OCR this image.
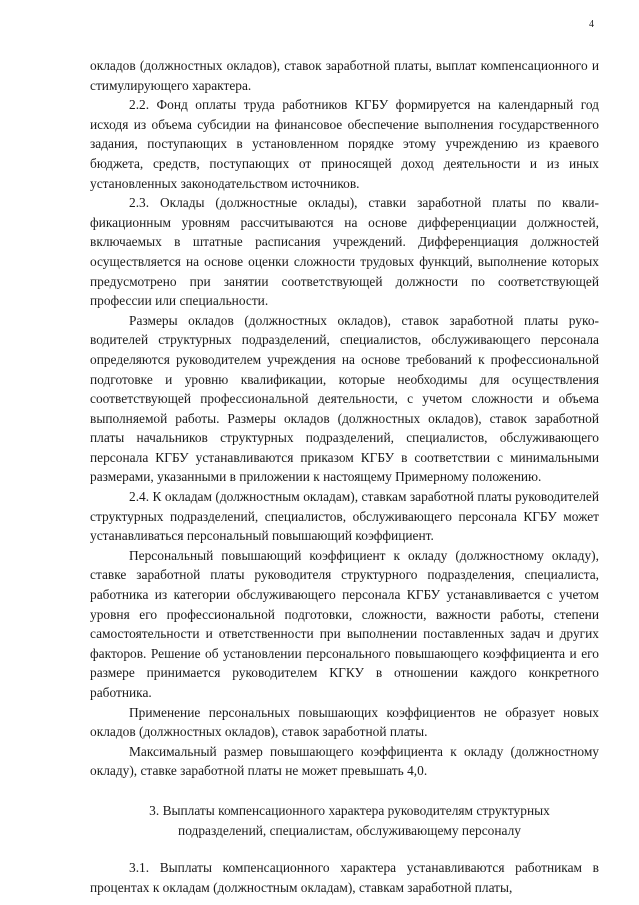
4

окладов (должностных окладов), ставок заработной платы, выплат компенсационного и стимулирующего характера.

2.2. Фонд оплаты труда работников КГБУ формируется на календарный год исходя из объема субсидии на финансовое обеспечение выполнения государственного задания, поступающих в установленном порядке этому учреждению из краевого бюджета, средств, поступающих от приносящей доход деятельности и из иных установленных законодательством источников.

2.3. Оклады (должностные оклады), ставки заработной платы по квалификационным уровням рассчитываются на основе дифференциации должностей, включаемых в штатные расписания учреждений. Дифференциация должностей осуществляется на основе оценки сложности трудовых функций, выполнение которых предусмотрено при занятии соответствующей должности по соответствующей профессии или специальности.

Размеры окладов (должностных окладов), ставок заработной платы руководителей структурных подразделений, специалистов, обслуживающего персонала определяются руководителем учреждения на основе требований к профессиональной подготовке и уровню квалификации, которые необходимы для осуществления соответствующей профессиональной деятельности, с учетом сложности и объема выполняемой работы. Размеры окладов (должностных окладов), ставок заработной платы начальников структурных подразделений, специалистов, обслуживающего персонала КГБУ устанавливаются приказом КГБУ в соответствии с минимальными размерами, указанными в приложении к настоящему Примерному положению.

2.4. К окладам (должностным окладам), ставкам заработной платы руководителей структурных подразделений, специалистов, обслуживающего персонала КГБУ может устанавливаться персональный повышающий коэффициент.

Персональный повышающий коэффициент к окладу (должностному окладу), ставке заработной платы руководителя структурного подразделения, специалиста, работника из категории обслуживающего персонала КГБУ устанавливается с учетом уровня его профессиональной подготовки, сложности, важности работы, степени самостоятельности и ответственности при выполнении поставленных задач и других факторов. Решение об установлении персонального повышающего коэффициента и его размере принимается руководителем КГКУ в отношении каждого конкретного работника.

Применение персональных повышающих коэффициентов не образует новых окладов (должностных окладов), ставок заработной платы.

Максимальный размер повышающего коэффициента к окладу (должностному окладу), ставке заработной платы не может превышать 4,0.

3. Выплаты компенсационного характера руководителям структурных

подразделений, специалистам, обслуживающему персоналу

3.1. Выплаты компенсационного характера устанавливаются работникам в процентах к окладам (должностным окладам), ставкам заработной платы,
